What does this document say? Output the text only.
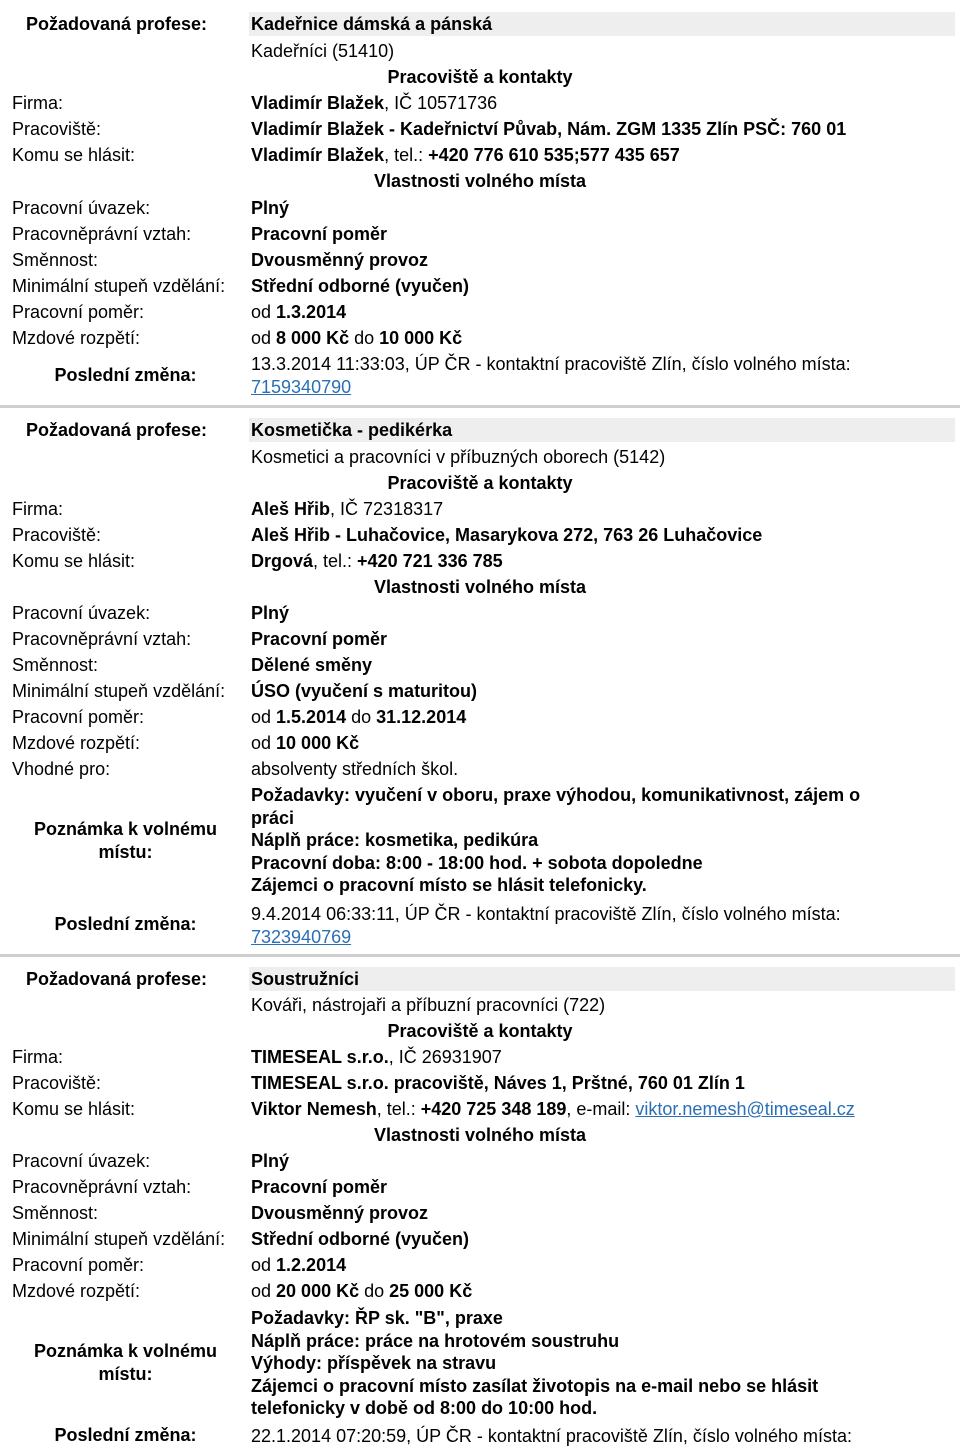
Požadovaná profese: Kadeřnice dámská a pánská
Kadeřníci (51410)
Pracoviště a kontakty
Firma:	Vladimír Blažek, IČ 10571736
Pracoviště:	Vladimír Blažek - Kadeřnictví Půvab, Nám. ZGM 1335 Zlín PSČ: 760 01
Komu se hlásit:	Vladimír Blažek, tel.: +420 776 610 535;577 435 657
Vlastnosti volného místa
Pracovní úvazek:	Plný
Pracovněprávní vztah:	Pracovní poměr
Směnnost:	Dvousměnný provoz
Minimální stupeň vzdělání: Střední odborné (vyučen)
Pracovní poměr:	od 1.3.2014
Mzdové rozpětí:	od 8 000 Kč do 10 000 Kč
Poslední změna:
13.3.2014 11:33:03, ÚP ČR - kontaktní pracoviště Zlín, číslo volného místa:
7159340790
Požadovaná profese: Kosmetička - pedikérka
Kosmetici a pracovníci v příbuzných oborech (5142)
Pracoviště a kontakty
Firma:	Aleš Hřib, IČ 72318317
Pracoviště:	Aleš Hřib - Luhačovice, Masarykova 272, 763 26 Luhačovice
Komu se hlásit:	Drgová, tel.: +420 721 336 785
Vlastnosti volného místa
Pracovní úvazek:	Plný
Pracovněprávní vztah:	Pracovní poměr
Směnnost:	Dělené směny
Minimální stupeň vzdělání: ÚSO (vyučení s maturitou)
Pracovní poměr:	od 1.5.2014 do 31.12.2014
Mzdové rozpětí:	od 10 000 Kč
Vhodné pro:	absolventy středních škol.
Poznámka k volnému
místu:
Požadavky: vyučení v oboru, praxe výhodou, komunikativnost, zájem o
práci
Náplň práce: kosmetika, pedikúra
Pracovní doba: 8:00 - 18:00 hod. + sobota dopoledne
Zájemci o pracovní místo se hlásit telefonicky.
Poslední změna:	9.4.2014 06:33:11, ÚP ČR - kontaktní pracoviště Zlín, číslo volného místa:
7323940769
Požadovaná profese: Soustružníci
Kováři, nástrojaři a příbuzní pracovníci (722)
Pracoviště a kontakty
Firma:	TIMESEAL s.r.o., IČ 26931907
Pracoviště:	TIMESEAL s.r.o. pracoviště, Náves 1, Prštné, 760 01 Zlín 1
Komu se hlásit:	Viktor Nemesh, tel.: +420 725 348 189, e-mail: viktor.nemesh@timeseal.cz
Vlastnosti volného místa
Pracovní úvazek:	Plný
Pracovněprávní vztah:	Pracovní poměr
Směnnost:	Dvousměnný provoz
Minimální stupeň vzdělání: Střední odborné (vyučen)
Pracovní poměr:	od 1.2.2014
Mzdové rozpětí:	od 20 000 Kč do 25 000 Kč
Poznámka k volnému
místu:
Požadavky: ŘP sk. "B", praxe
Náplň práce: práce na hrotovém soustruhu
Výhody: příspěvek na stravu
Zájemci o pracovní místo zasílat životopis na e-mail nebo se hlásit
telefonicky v době od 8:00 do 10:00 hod.
Poslední změna:	22.1.2014 07:20:59, ÚP ČR - kontaktní pracoviště Zlín, číslo volného místa:
